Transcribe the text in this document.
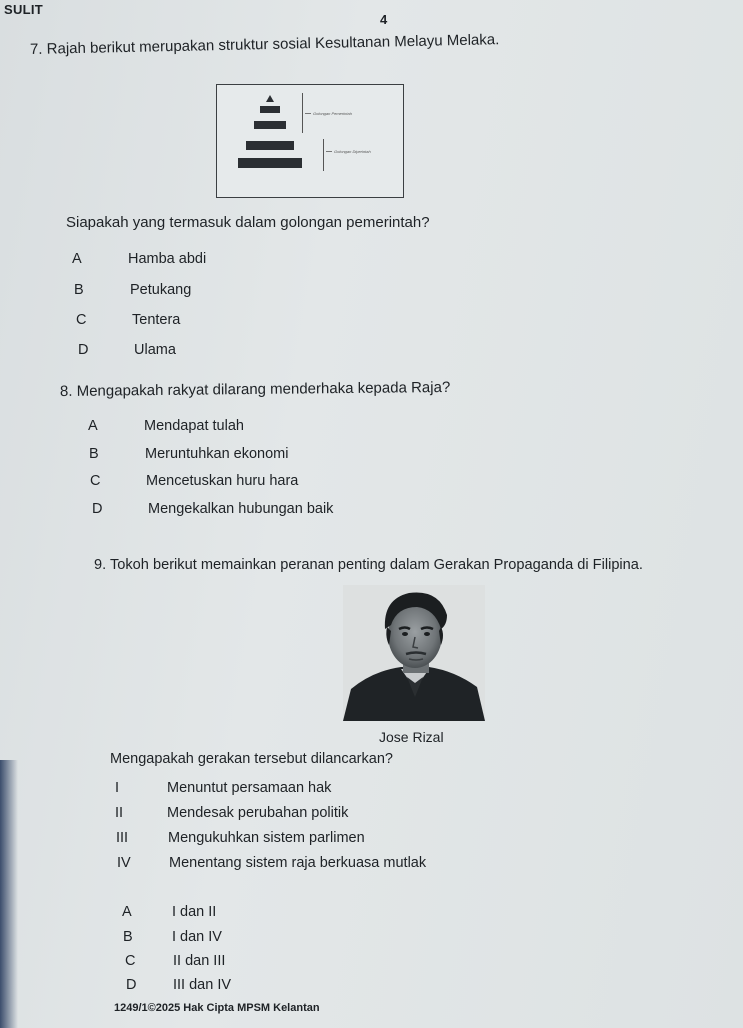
SULIT
4
7. Rajah berikut merupakan struktur sosial Kesultanan Melayu Melaka.
Golongan Pemerintah
Golongan Diperintah
Siapakah yang termasuk dalam golongan pemerintah?
A	Hamba abdi
B	Petukang
C	Tentera
D	Ulama
8. Mengapakah rakyat dilarang menderhaka kepada Raja?
A	Mendapat tulah
B	Meruntuhkan ekonomi
C	Mencetuskan huru hara
D	Mengekalkan hubungan baik
9. Tokoh berikut memainkan peranan penting dalam Gerakan Propaganda di Filipina.
Jose Rizal
Mengapakah gerakan tersebut dilancarkan?
I	Menuntut persamaan hak
II	Mendesak perubahan politik
III	Mengukuhkan sistem parlimen
IV	Menentang sistem raja berkuasa mutlak
A	I dan II
B	I dan IV
C	II dan III
D	III dan IV
1249/1©2025 Hak Cipta MPSM Kelantan
